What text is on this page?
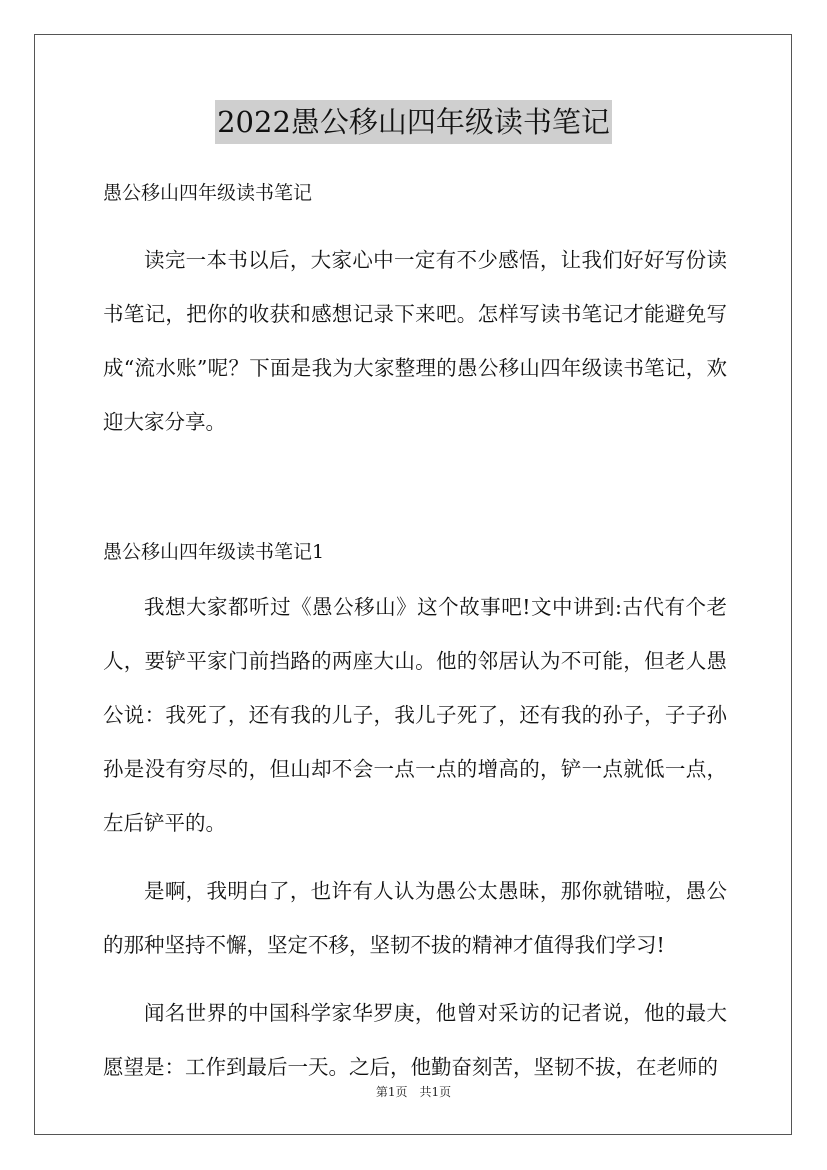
2022愚公移山四年级读书笔记

愚公移山四年级读书笔记

读完一本书以后，大家心中一定有不少感悟，让我们好好写份读书笔记，把你的收获和感想记录下来吧。怎样写读书笔记才能避免写成“流水账”呢？下面是我为大家整理的愚公移山四年级读书笔记，欢迎大家分享。

愚公移山四年级读书笔记1

我想大家都听过《愚公移山》这个故事吧!文中讲到:古代有个老人，要铲平家门前挡路的两座大山。他的邻居认为不可能，但老人愚公说：我死了，还有我的儿子，我儿子死了，还有我的孙子，子子孙孙是没有穷尽的，但山却不会一点一点的增高的，铲一点就低一点，左后铲平的。

是啊，我明白了，也许有人认为愚公太愚昧，那你就错啦，愚公的那种坚持不懈，坚定不移，坚韧不拔的精神才值得我们学习!

闻名世界的中国科学家华罗庚，他曾对采访的记者说，他的最大愿望是：工作到最后一天。之后，他勤奋刻苦，坚韧不拔，在老师的

第1页　共1页
